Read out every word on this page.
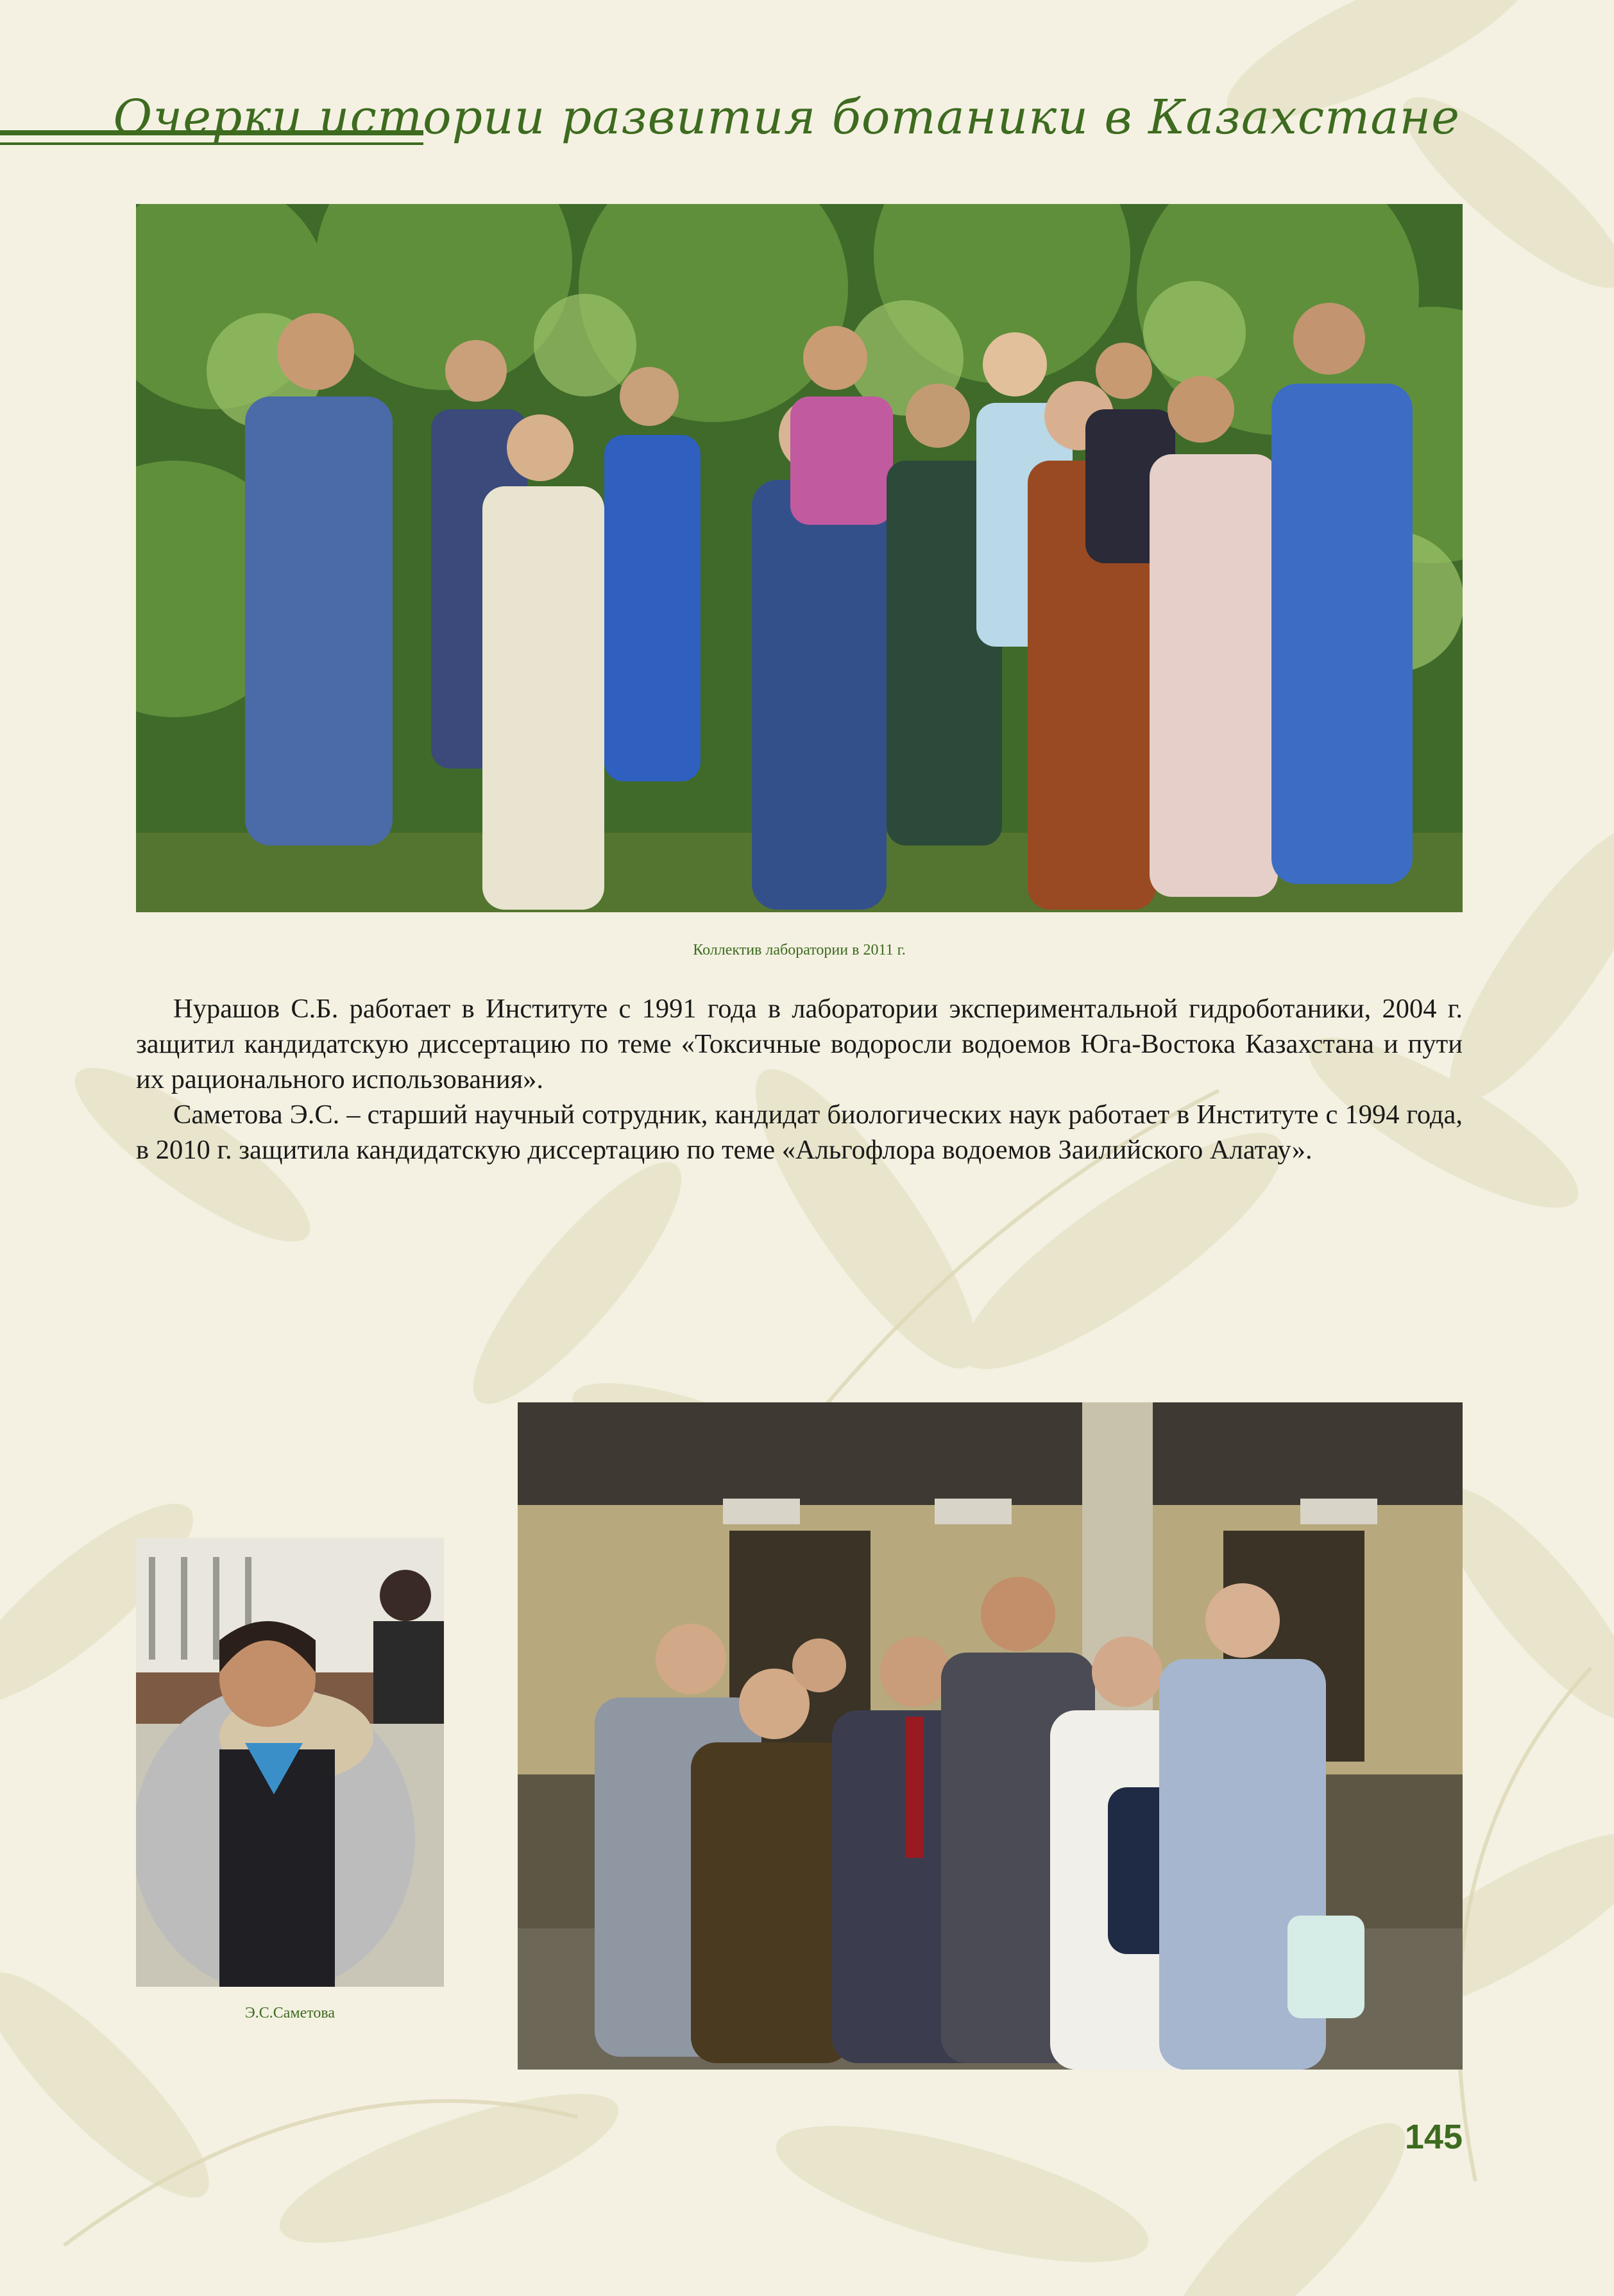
Очерки истории развития ботаники в Казахстане
Коллектив лаборатории в 2011 г.

Нурашов С.Б. работает в Институте с 1991 года в лаборатории экспериментальной гидроботаники, 2004 г. защитил кандидатскую диссертацию по теме «Токсичные водоросли водоемов Юга-Востока Казахстана и пути их рационального использования».

Саметова Э.С. – старший научный сотрудник, кандидат биологических наук работает в Институте с 1994 года, в 2010 г. защитила кандидатскую диссертацию по теме «Альгофлора водоемов Заилийского Алатау».

Э.С.Саметова
145
